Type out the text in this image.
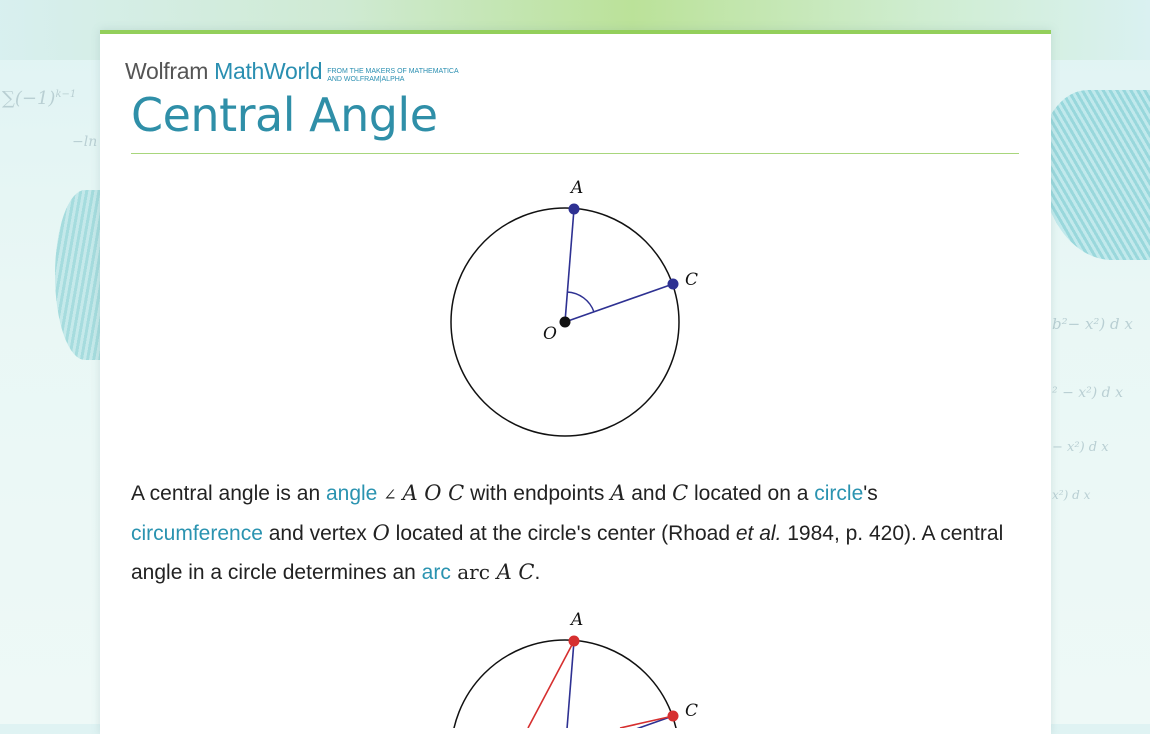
$\sum(-1)^{k-1}$
−ln
b²− x²) d x
² − x²) d x
− x²) d x
x²) d x
Wolfram MathWorld FROM THE MAKERS OF MATHEMATICA
AND WOLFRAM|ALPHA
Central Angle
A
C
O
A central angle is an angle ∠ A O C with endpoints A and C located on a circle's circumference and vertex O located at the circle's center (Rhoad et al. 1984, p. 420). A central angle in a circle determines an arc arc A C.
A
C
